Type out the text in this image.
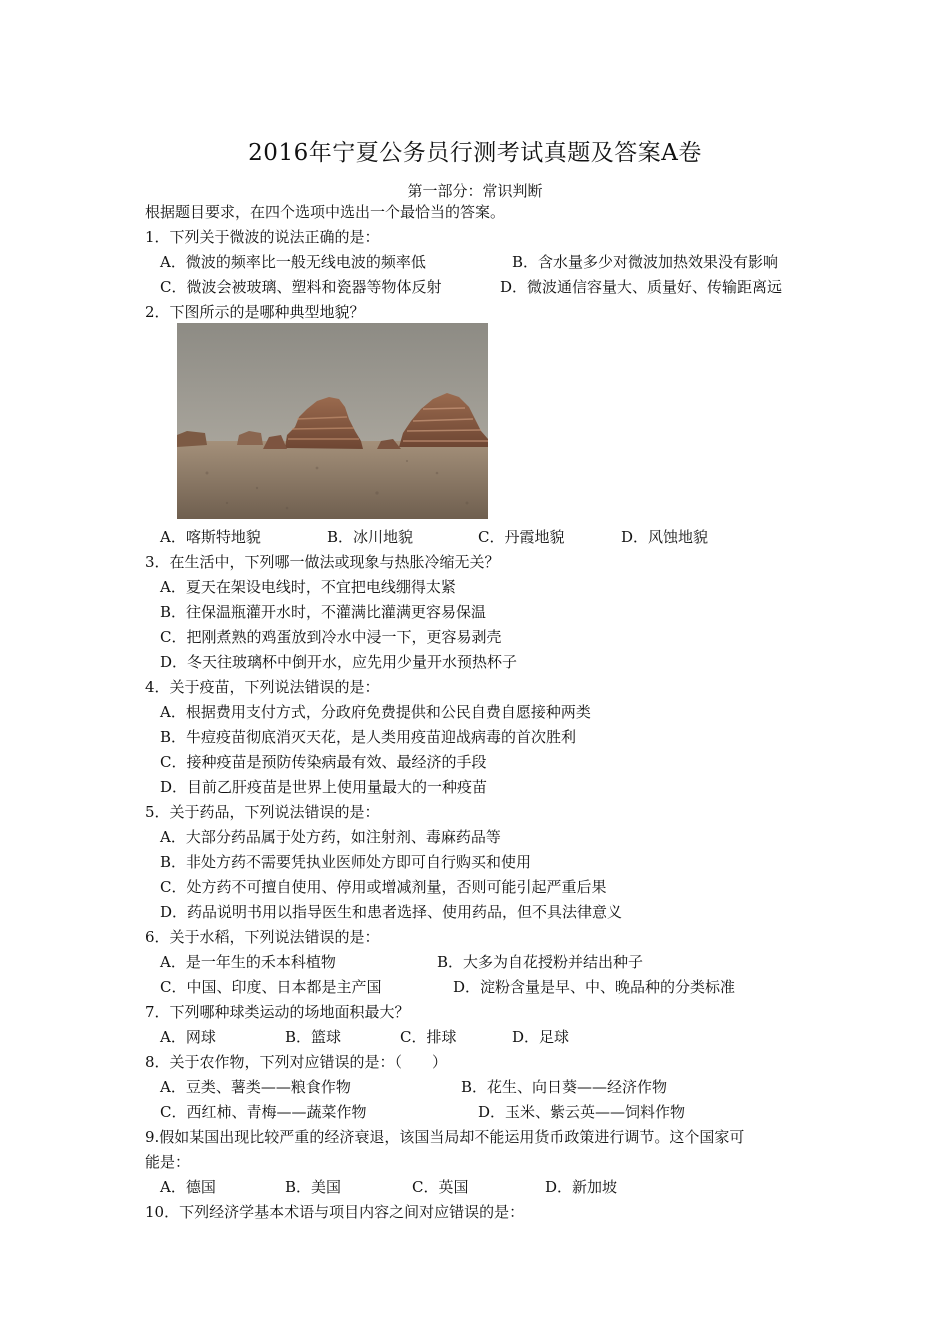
2016年宁夏公务员行测考试真题及答案A卷
第一部分：常识判断
根据题目要求，在四个选项中选出一个最恰当的答案。
1．下列关于微波的说法正确的是：
A．微波的频率比一般无线电波的频率低	B．含水量多少对微波加热效果没有影响
C．微波会被玻璃、塑料和瓷器等物体反射	D．微波通信容量大、质量好、传输距离远
2．下图所示的是哪种典型地貌？
A．喀斯特地貌	B．冰川地貌	C．丹霞地貌	D．风蚀地貌
3．在生活中，下列哪一做法或现象与热胀冷缩无关？
A．夏天在架设电线时，不宜把电线绷得太紧
B．往保温瓶灌开水时，不灌满比灌满更容易保温
C．把刚煮熟的鸡蛋放到冷水中浸一下，更容易剥壳
D．冬天往玻璃杯中倒开水，应先用少量开水预热杯子
4．关于疫苗，下列说法错误的是：
A．根据费用支付方式，分政府免费提供和公民自费自愿接种两类
B．牛痘疫苗彻底消灭天花，是人类用疫苗迎战病毒的首次胜利
C．接种疫苗是预防传染病最有效、最经济的手段
D．目前乙肝疫苗是世界上使用量最大的一种疫苗
5．关于药品，下列说法错误的是：
A．大部分药品属于处方药，如注射剂、毒麻药品等
B．非处方药不需要凭执业医师处方即可自行购买和使用
C．处方药不可擅自使用、停用或增减剂量，否则可能引起严重后果
D．药品说明书用以指导医生和患者选择、使用药品，但不具法律意义
6．关于水稻，下列说法错误的是：
A．是一年生的禾本科植物	B．大多为自花授粉并结出种子
C．中国、印度、日本都是主产国	D．淀粉含量是早、中、晚品种的分类标准
7．下列哪种球类运动的场地面积最大？
A．网球	B．篮球	C．排球	D．足球
8．关于农作物，下列对应错误的是：（　　）
A．豆类、薯类——粮食作物	B．花生、向日葵——经济作物
C．西红柿、青梅——蔬菜作物	D．玉米、紫云英——饲料作物
9.假如某国出现比较严重的经济衰退，该国当局却不能运用货币政策进行调节。这个国家可
能是：
A．德国	B．美国	C．英国	D．新加坡
10．下列经济学基本术语与项目内容之间对应错误的是：
